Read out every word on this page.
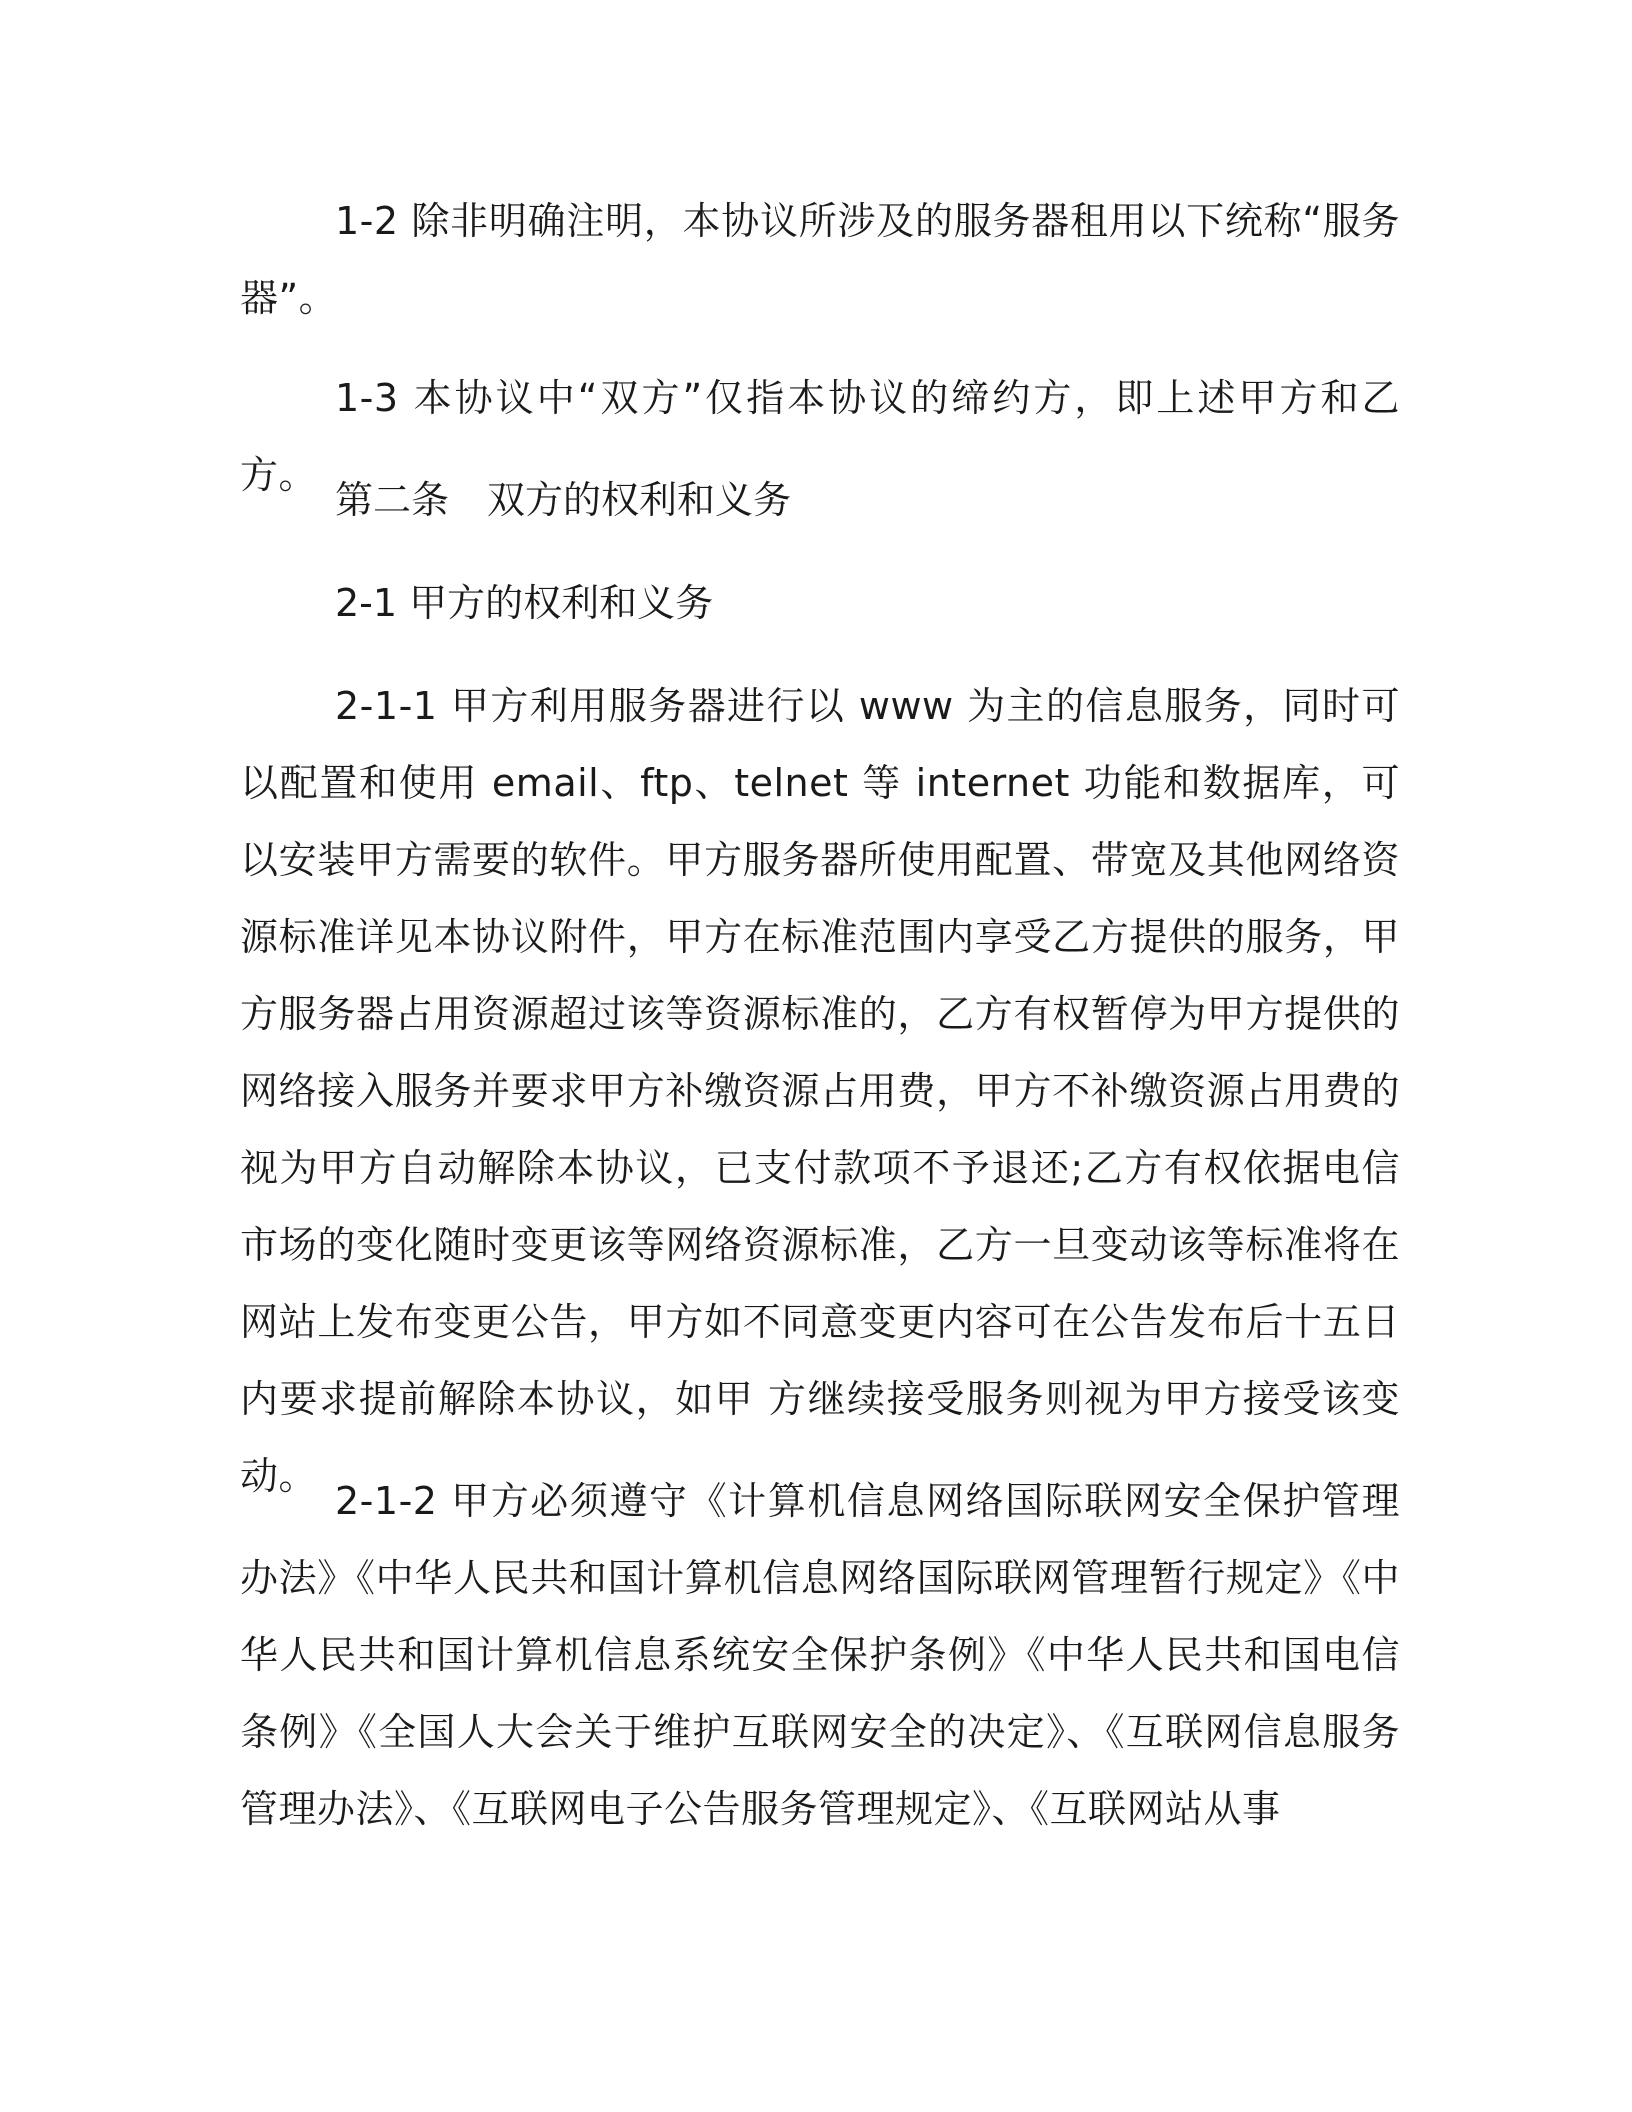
1-2 除非明确注明，本协议所涉及的服务器租用以下统称“服务器”。

1-3 本协议中“双方”仅指本协议的缔约方，即上述甲方和乙方。

第二条　双方的权利和义务

2-1 甲方的权利和义务

2-1-1 甲方利用服务器进行以 www 为主的信息服务，同时可以配置和使用 email、ftp、telnet 等 internet 功能和数据库，可以安装甲方需要的软件。甲方服务器所使用配置、带宽及其他网络资源标准详见本协议附件，甲方在标准范围内享受乙方提供的服务，甲方服务器占用资源超过该等资源标准的，乙方有权暂停为甲方提供的网络接入服务并要求甲方补缴资源占用费，甲方不补缴资源占用费的视为甲方自动解除本协议，已支付款项不予退还;乙方有权依据电信市场的变化随时变更该等网络资源标准，乙方一旦变动该等标准将在网站上发布变更公告，甲方如不同意变更内容可在公告发布后十五日内要求提前解除本协议，如甲 方继续接受服务则视为甲方接受该变动。

2-1-2 甲方必须遵守《计算机信息网络国际联网安全保护管理办法》《中华人民共和国计算机信息网络国际联网管理暂行规定》《中华人民共和国计算机信息系统安全保护条例》《中华人民共和国电信条例》《全国人大会关于维护互联网安全的决定》、《互联网信息服务管理办法》、《互联网电子公告服务管理规定》、《互联网站从事
